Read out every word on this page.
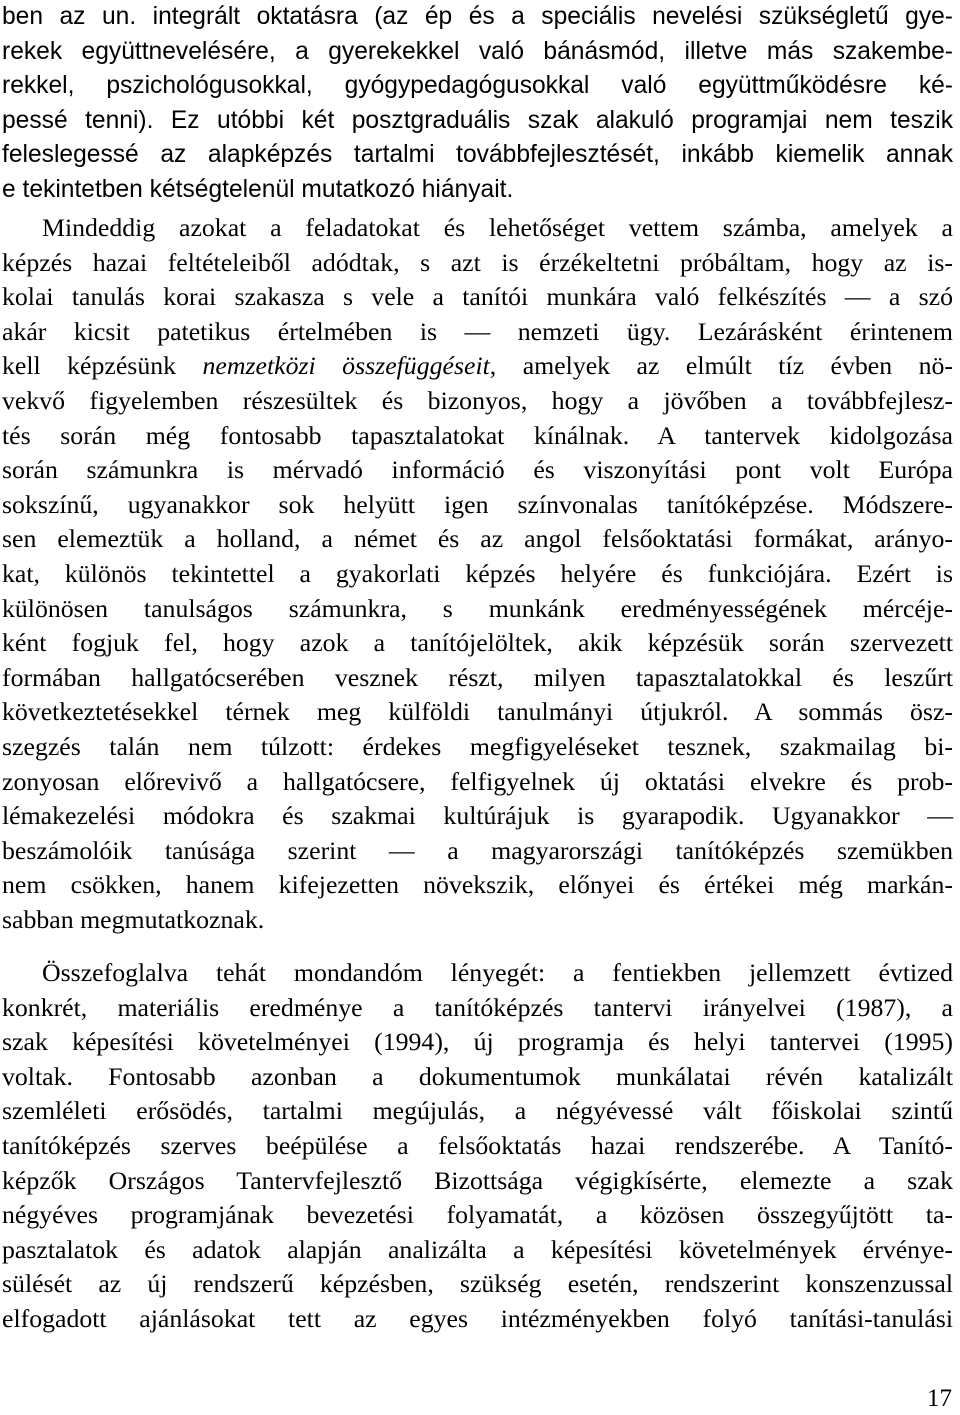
ben az un. integrált oktatásra (az ép és a speciális nevelési szükségletű gye-
rekek együttnevelésére, a gyerekekkel való bánásmód, illetve más szakembe-
rekkel, pszichológusokkal, gyógypedagógusokkal való együttműködésre ké-
pessé tenni). Ez utóbbi két posztgraduális szak alakuló programjai nem teszik
feleslegessé az alapképzés tartalmi továbbfejlesztését, inkább kiemelik annak
e tekintetben kétségtelenül mutatkozó hiányait.
Mindeddig azokat a feladatokat és lehetőséget vettem számba, amelyek a
képzés hazai feltételeiből adódtak, s azt is érzékeltetni próbáltam, hogy az is-
kolai tanulás korai szakasza s vele a tanítói munkára való felkészítés — a szó
akár kicsit patetikus értelmében is — nemzeti ügy. Lezárásként érintenem
kell képzésünk nemzetközi összefüggéseit, amelyek az elmúlt tíz évben nö-
vekvő figyelemben részesültek és bizonyos, hogy a jövőben a továbbfejlesz-
tés során még fontosabb tapasztalatokat kínálnak. A tantervek kidolgozása
során számunkra is mérvadó információ és viszonyítási pont volt Európa
sokszínű, ugyanakkor sok helyütt igen színvonalas tanítóképzése. Módszere-
sen elemeztük a holland, a német és az angol felsőoktatási formákat, arányo-
kat, különös tekintettel a gyakorlati képzés helyére és funkciójára. Ezért is
különösen tanulságos számunkra, s munkánk eredményességének mércéje-
ként fogjuk fel, hogy azok a tanítójelöltek, akik képzésük során szervezett
formában hallgatócserében vesznek részt, milyen tapasztalatokkal és leszűrt
következtetésekkel térnek meg külföldi tanulmányi útjukról. A sommás ösz-
szegzés talán nem túlzott: érdekes megfigyeléseket tesznek, szakmailag bi-
zonyosan előrevivő a hallgatócsere, felfigyelnek új oktatási elvekre és prob-
lémakezelési módokra és szakmai kultúrájuk is gyarapodik. Ugyanakkor —
beszámolóik tanúsága szerint — a magyarországi tanítóképzés szemükben
nem csökken, hanem kifejezetten növekszik, előnyei és értékei még markán-
sabban megmutatkoznak.
Összefoglalva tehát mondandóm lényegét: a fentiekben jellemzett évtized
konkrét, materiális eredménye a tanítóképzés tantervi irányelvei (1987), a
szak képesítési követelményei (1994), új programja és helyi tantervei (1995)
voltak. Fontosabb azonban a dokumentumok munkálatai révén katalizált
szemléleti erősödés, tartalmi megújulás, a négyévessé vált főiskolai szintű
tanítóképzés szerves beépülése a felsőoktatás hazai rendszerébe. A Tanító-
képzők Országos Tantervfejlesztő Bizottsága végigkísérte, elemezte a szak
négyéves programjának bevezetési folyamatát, a közösen összegyűjtött ta-
pasztalatok és adatok alapján analizálta a képesítési követelmények érvénye-
sülését az új rendszerű képzésben, szükség esetén, rendszerint konszenzussal
elfogadott ajánlásokat tett az egyes intézményekben folyó tanítási-tanulási
17
